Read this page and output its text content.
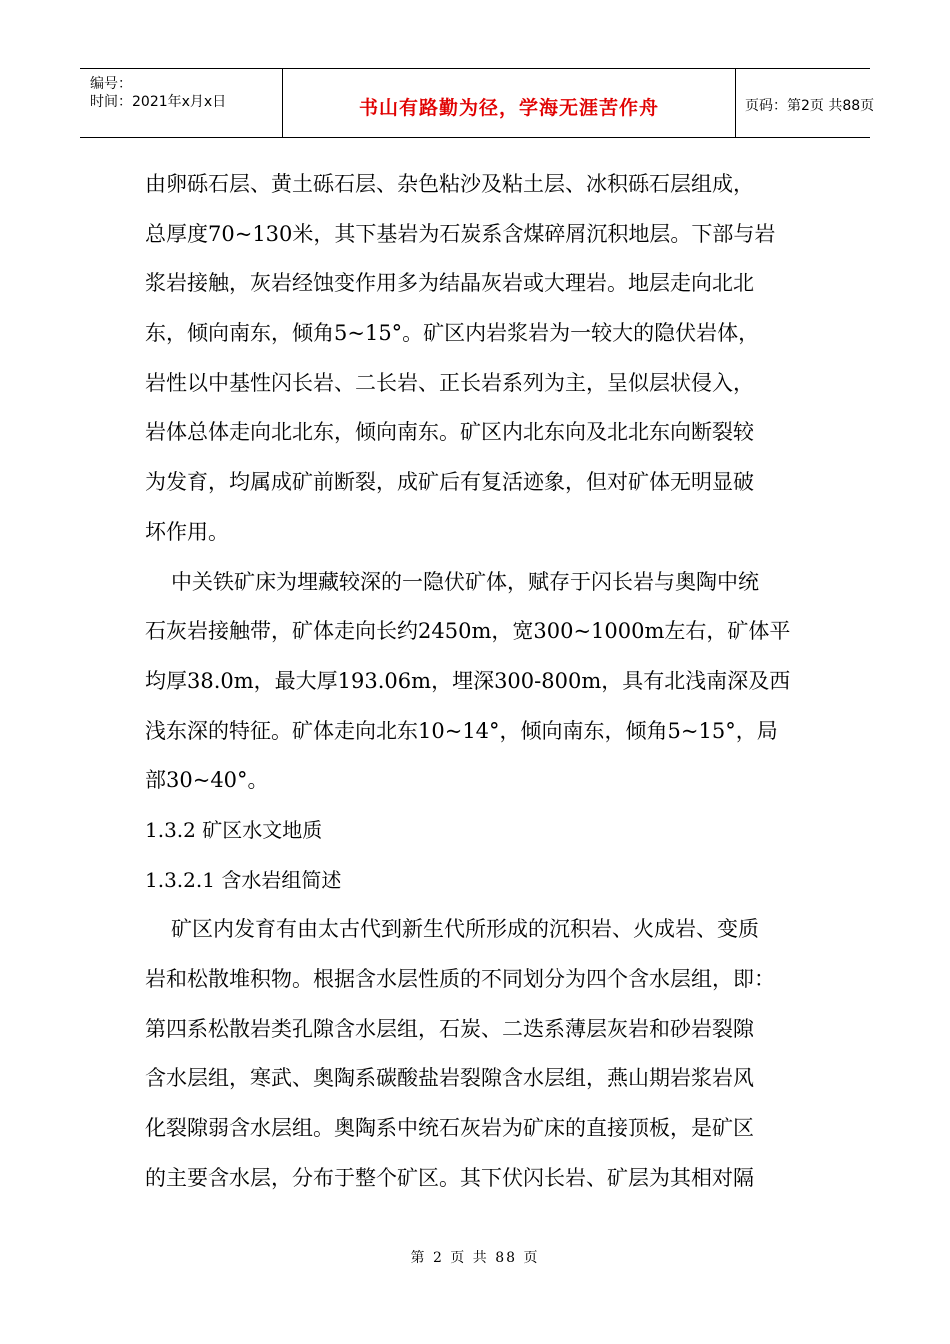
编号：
时间：2021年x月x日	书山有路勤为径，学海无涯苦作舟	页码：第2页 共88页
由卵砾石层、黄土砾石层、杂色粘沙及粘土层、冰积砾石层组成，
总厚度70~130米，其下基岩为石炭系含煤碎屑沉积地层。下部与岩
浆岩接触，灰岩经蚀变作用多为结晶灰岩或大理岩。地层走向北北
东，倾向南东，倾角5~15°。矿区内岩浆岩为一较大的隐伏岩体，
岩性以中基性闪长岩、二长岩、正长岩系列为主，呈似层状侵入，
岩体总体走向北北东，倾向南东。矿区内北东向及北北东向断裂较
为发育，均属成矿前断裂，成矿后有复活迹象，但对矿体无明显破
坏作用。
中关铁矿床为埋藏较深的一隐伏矿体，赋存于闪长岩与奥陶中统
石灰岩接触带，矿体走向长约2450m，宽300~1000m左右，矿体平
均厚38.0m，最大厚193.06m，埋深300-800m，具有北浅南深及西
浅东深的特征。矿体走向北东10~14°，倾向南东，倾角5~15°，局
部30~40°。
1.3.2 矿区水文地质
1.3.2.1 含水岩组简述
矿区内发育有由太古代到新生代所形成的沉积岩、火成岩、变质
岩和松散堆积物。根据含水层性质的不同划分为四个含水层组，即：
第四系松散岩类孔隙含水层组，石炭、二迭系薄层灰岩和砂岩裂隙
含水层组，寒武、奥陶系碳酸盐岩裂隙含水层组，燕山期岩浆岩风
化裂隙弱含水层组。奥陶系中统石灰岩为矿床的直接顶板，是矿区
的主要含水层，分布于整个矿区。其下伏闪长岩、矿层为其相对隔
第 2 页 共 88 页
